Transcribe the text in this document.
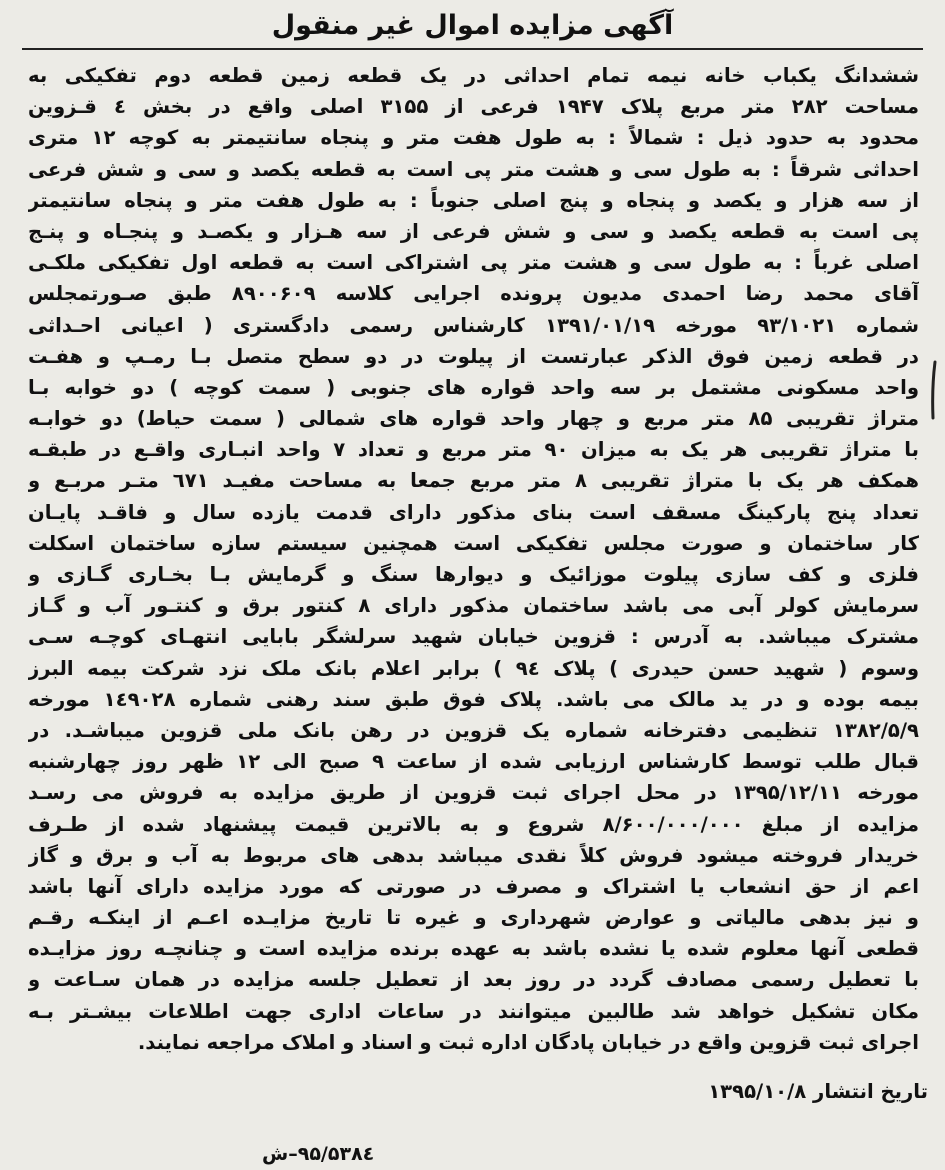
آگهی مزایده اموال غیر منقول
ششدانگ یکباب خانه نیمه تمام احداثی در یک قطعه زمین قطعه دوم تفکیکی به
مساحت ۲۸۲ متر مربع پلاک ۱۹۴۷ فرعی از ۳۱۵۵ اصلی واقع در بخش ٤ قـزوین
محدود به حدود ذیل : شمالاً : به طول هفت متر و پنجاه سانتیمتر به کوچه ۱۲ متری
احداثی شرقاً : به طول سی و هشت متر پی است به قطعه یکصد و سی و شش فرعی
از سه هزار و یکصد و پنجاه و پنج اصلی جنوباً : به طول هفت متر و پنجاه سانتیمتر
پی است به قطعه یکصد و سی و شش فرعی از سه هـزار و یکصـد و پنجـاه و پنـج
اصلی غرباً : به طول سی و هشت متر پی اشتراکی است به قطعه اول تفکیکی ملکـی
آقای محمد رضا احمدی مدیون پرونده اجرایی کلاسه ۸۹۰۰۶۰۹ طبق صـورتمجلس
شماره ۹۳/۱۰۲۱ مورخه ۱۳۹۱/۰۱/۱۹ کارشناس رسمی دادگستری ( اعیانی احـداثی
در قطعه زمین فوق الذکر عبارتست از پیلوت در دو سطح متصل بـا رمـپ و هفـت
واحد مسکونی مشتمل بر سه واحد قواره های جنوبی ( سمت کوچه ) دو خوابه بـا
متراژ تقریبی ۸۵ متر مربع و چهار واحد قواره های شمالی ( سمت حیاط) دو خوابـه
با متراژ تقریبی هر یک به میزان ۹۰ متر مربع و تعداد ۷ واحد انبـاری واقـع در طبقـه
همکف هر یک با متراژ تقریبی ۸ متر مربع جمعا به مساحت مفیـد ٦٧١ متـر مربـع و
تعداد پنج پارکینگ مسقف است بنای مذکور دارای قدمت یازده سال و فاقـد پایـان
کار ساختمان و صورت مجلس تفکیکی است همچنین سیستم سازه ساختمان اسکلت
فلزی و کف سازی پیلوت موزائیک و دیوارها سنگ و گرمایش بـا بخـاری گـازی و
سرمایش کولر آبی می باشد ساختمان مذکور دارای ۸ کنتور برق و کنتـور آب و گـاز
مشترک میباشد. به آدرس : قزوین خیابان شهید سرلشگر بابایی انتهـای کوچـه سـی
وسوم ( شهید حسن حیدری ) پلاک ۹٤ ) برابر اعلام بانک ملک نزد شرکت بیمه البرز
بیمه بوده و در ید مالک می باشد. پلاک فوق طبق سند رهنی شماره ۱٤۹۰۲۸ مورخه
۱۳۸۲/۵/۹ تنظیمی دفترخانه شماره یک قزوین در رهن بانک ملی قزوین میباشـد. در
قبال طلب توسط کارشناس ارزیابی شده از ساعت ۹ صبح الی ۱۲ ظهر روز چهارشنبه
مورخه ۱۳۹۵/۱۲/۱۱ در محل اجرای ثبت قزوین از طریق مزایده به فروش می رسـد
مزایده از مبلغ ۸/۶۰۰/۰۰۰/۰۰۰ شروع و به بالاترین قیمت پیشنهاد شده از طـرف
خریدار فروخته میشود فروش کلاً نقدی میباشد بدهی های مربوط به آب و برق و گاز
اعم از حق انشعاب یا اشتراک و مصرف در صورتی که مورد مزایده دارای آنها باشد
و نیز بدهی مالیاتی و عوارض شهرداری و غیره تا تاریخ مزایـده اعـم از اینکـه رقـم
قطعی آنها معلوم شده یا نشده باشد به عهده برنده مزایده است و چنانچـه روز مزایـده
با تعطیل رسمی مصادف گردد در روز بعد از تعطیل جلسه مزایده در همان سـاعت و
مکان تشکیل خواهد شد طالبین میتوانند در ساعات اداری جهت اطلاعات بیشـتر بـه
اجرای ثبت قزوین واقع در خیابان پادگان اداره ثبت و اسناد و املاک مراجعه نمایند.
تاریخ انتشار ۱۳۹۵/۱۰/۸
۵۳۸٤/۹۵–ش
